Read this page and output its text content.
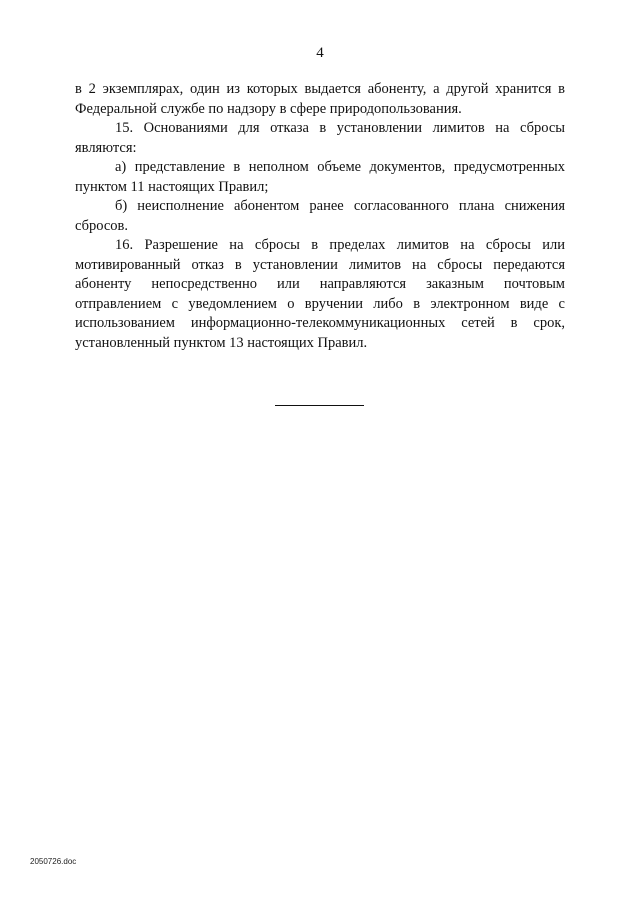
4

в 2 экземплярах, один из которых выдается абоненту, а другой хранится в Федеральной службе по надзору в сфере природопользования.

15. Основаниями для отказа в установлении лимитов на сбросы являются:

а) представление в неполном объеме документов, предусмотренных пунктом 11 настоящих Правил;

б) неисполнение абонентом ранее согласованного плана снижения сбросов.

16. Разрешение на сбросы в пределах лимитов на сбросы или мотивированный отказ в установлении лимитов на сбросы передаются абоненту непосредственно или направляются заказным почтовым отправлением с уведомлением о вручении либо в электронном виде с использованием информационно-телекоммуникационных сетей в срок, установленный пунктом 13 настоящих Правил.

2050726.doc
